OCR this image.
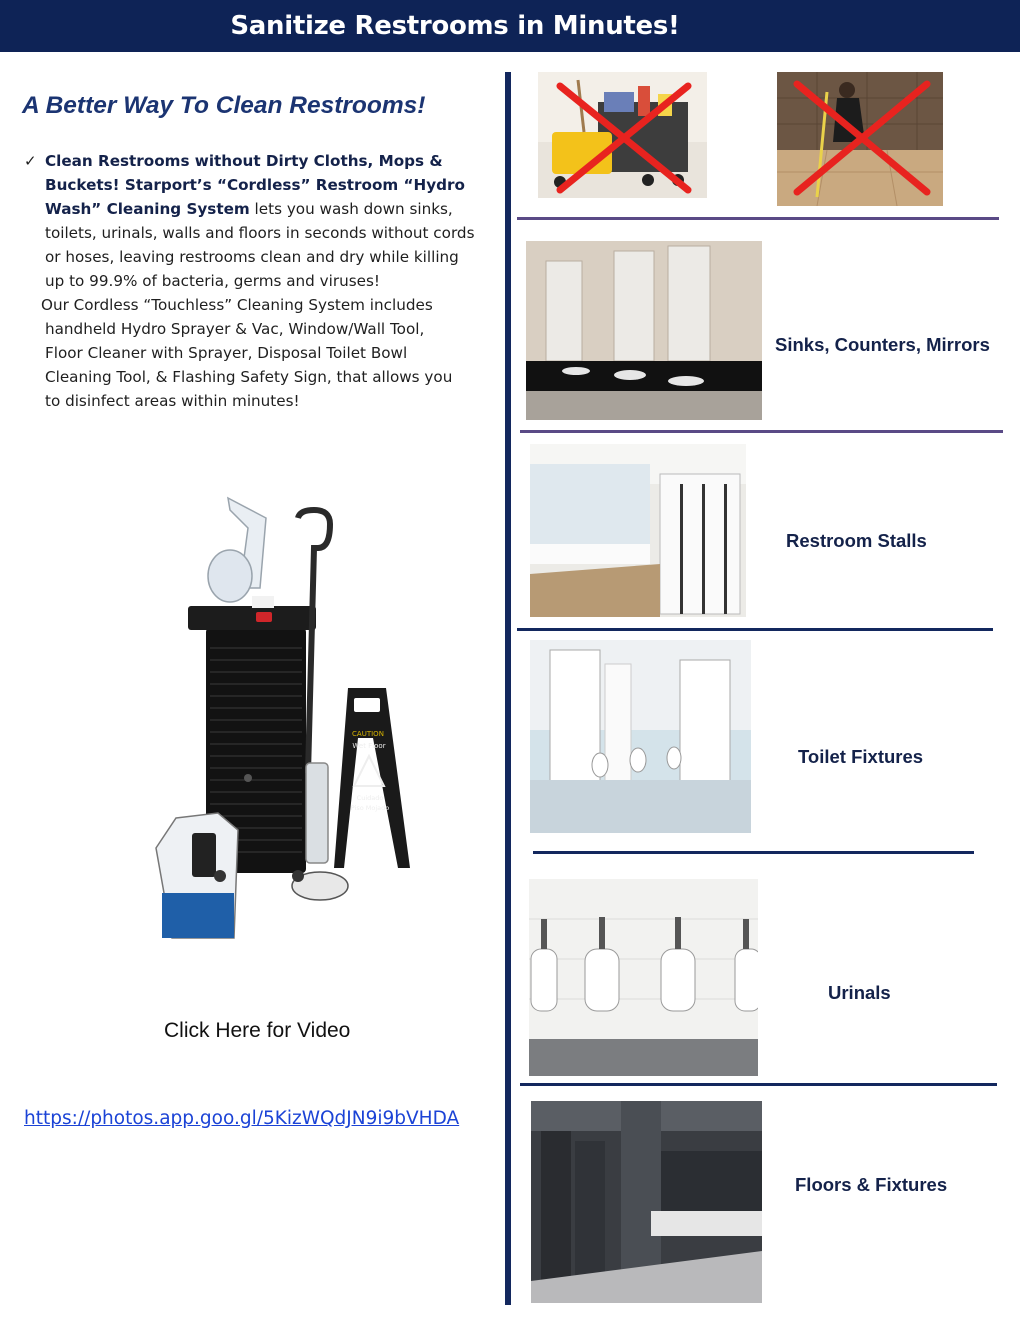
Sanitize Restrooms in Minutes!
A Better Way To Clean Restrooms!
✓ Clean Restrooms without Dirty Cloths, Mops &
Buckets! Starport’s “Cordless” Restroom “Hydro
Wash” Cleaning System lets you wash down sinks,
toilets, urinals, walls and floors in seconds without cords
or hoses, leaving restrooms clean and dry while killing
up to 99.9% of bacteria, germs and viruses!

Our Cordless “Touchless” Cleaning System includes
handheld Hydro Sprayer & Vac, Window/Wall Tool,
Floor Cleaner with Sprayer, Disposal Toilet Bowl
Cleaning Tool, & Flashing Safety Sign, that allows you
to disinfect areas within minutes!
CAUTION
Wet Floor
Cuidado
Piso Mojado
Click Here for Video
https://photos.app.goo.gl/5KizWQdJN9i9bVHDA
Sinks, Counters, Mirrors
Restroom Stalls
Toilet Fixtures
Urinals
Floors & Fixtures
